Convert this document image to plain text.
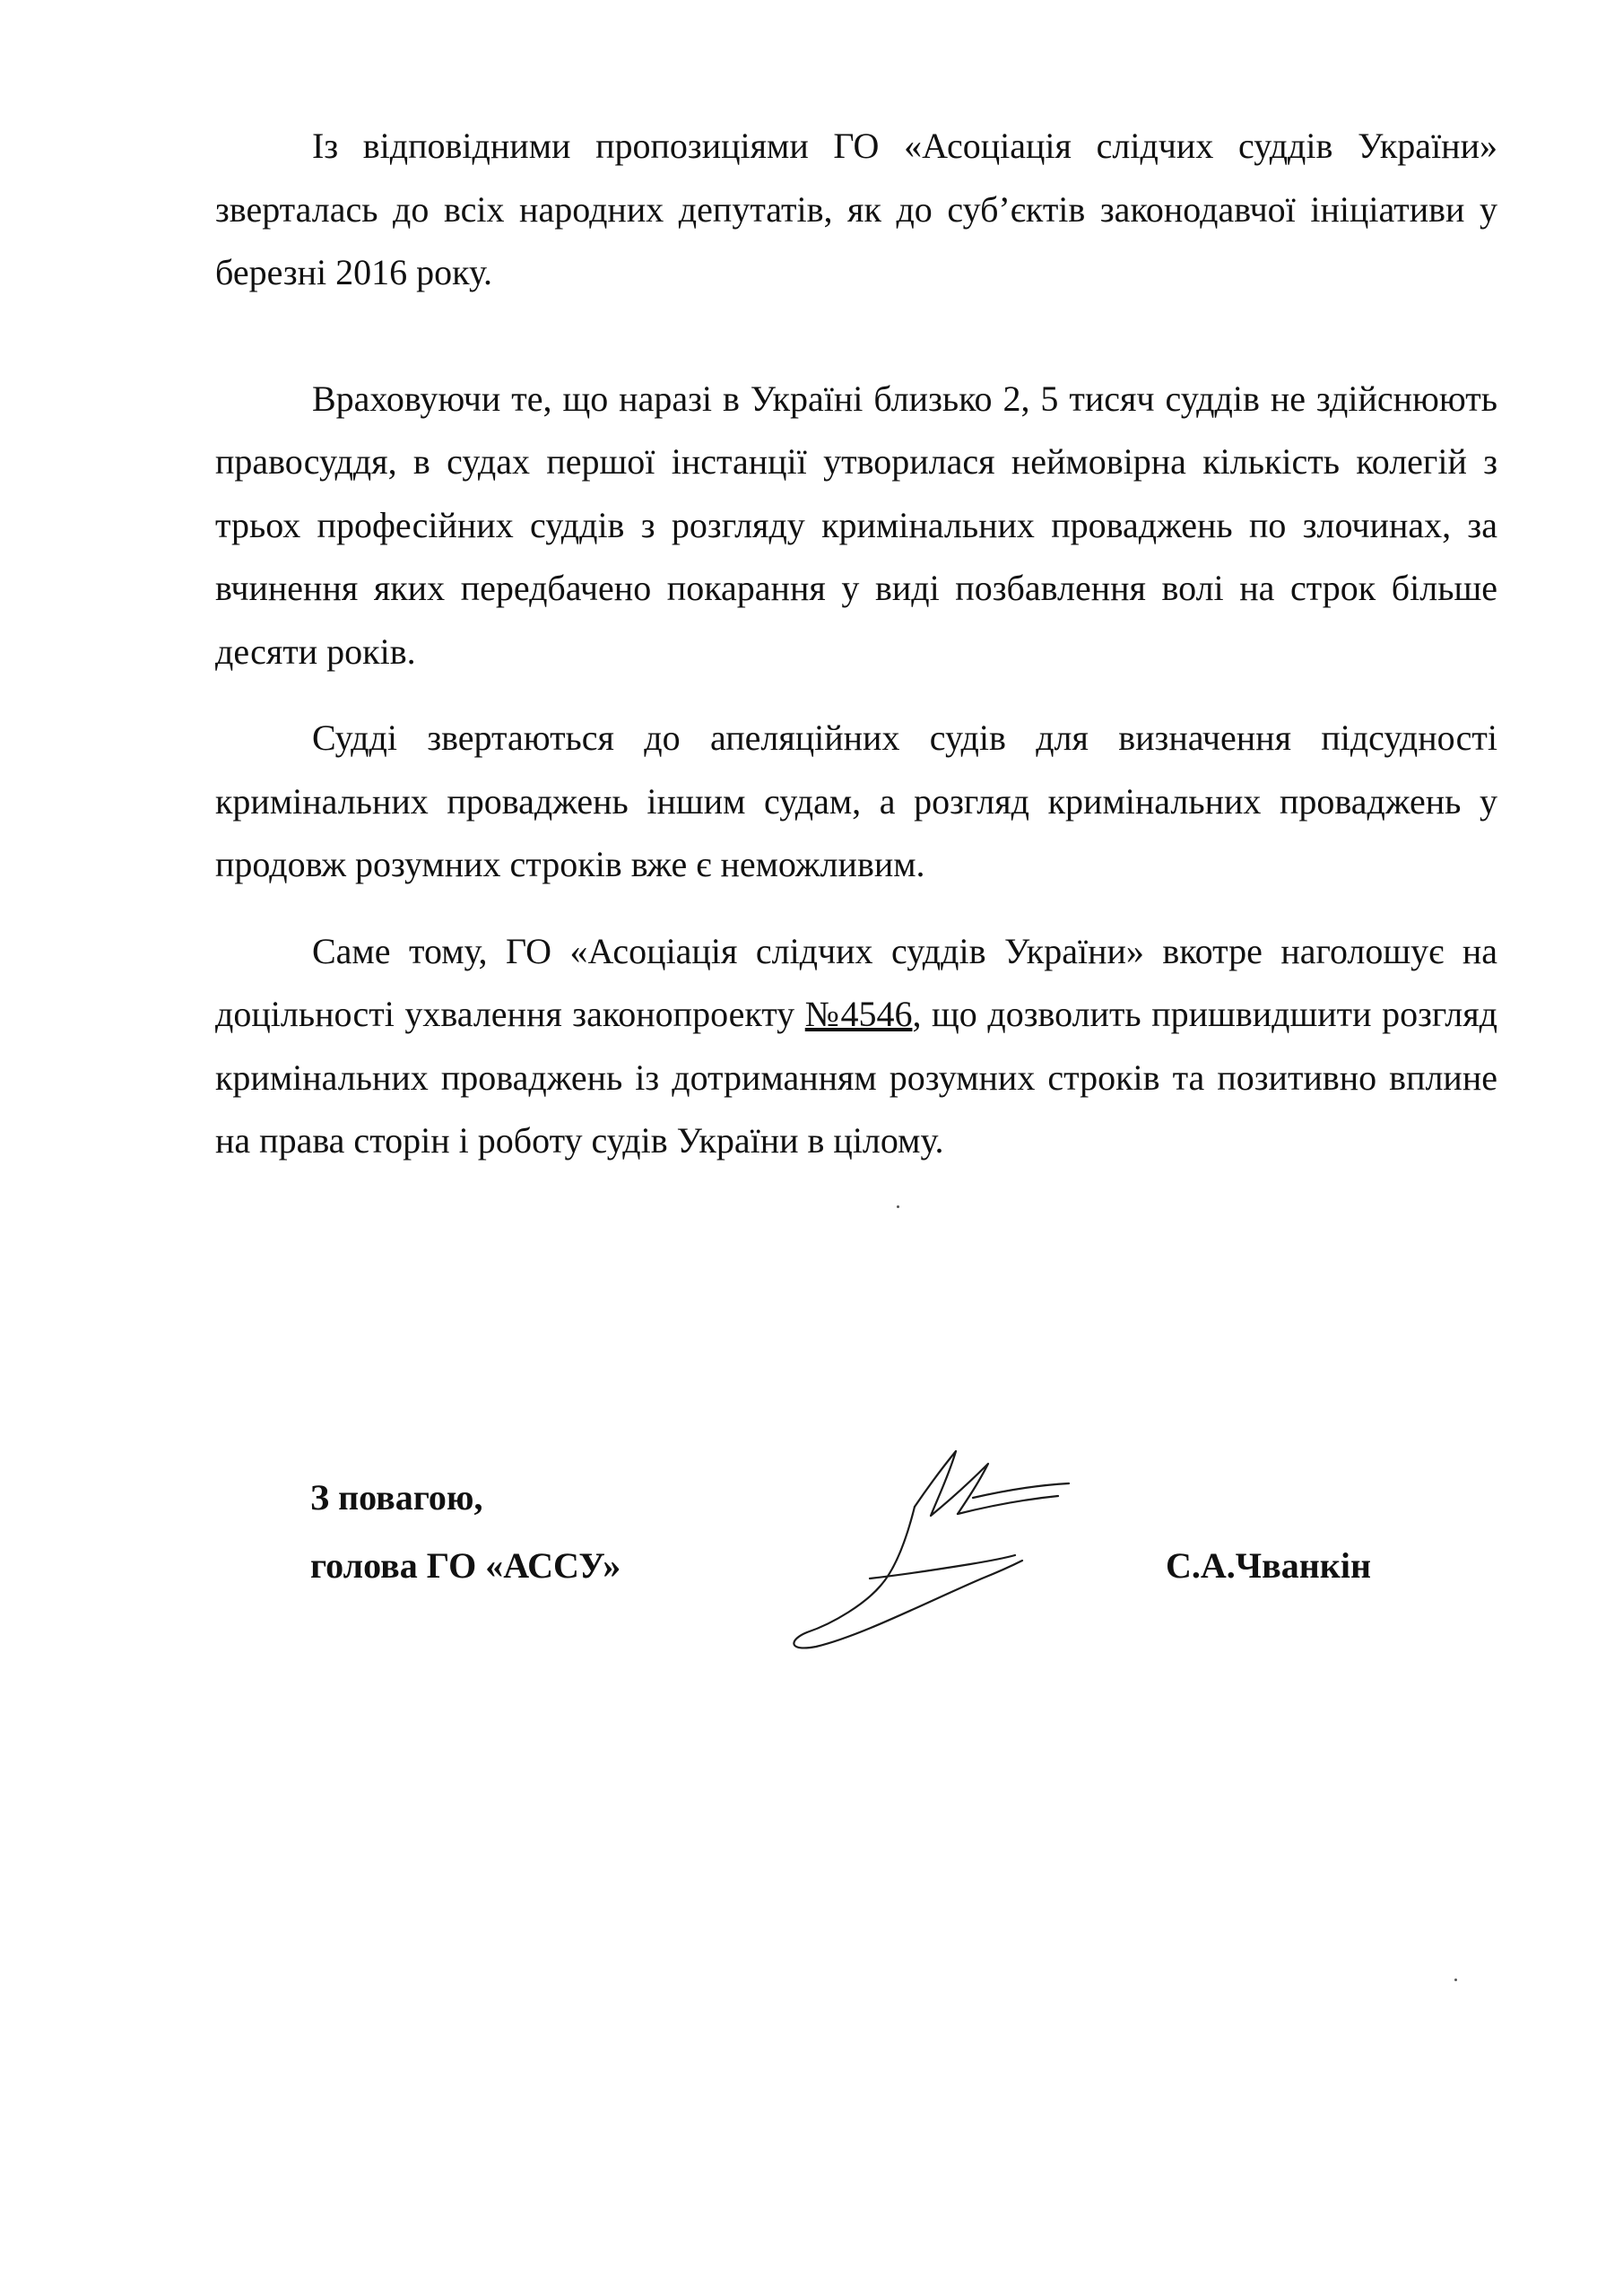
Із відповідними пропозиціями ГО «Асоціація слідчих суддів України» зверталась до всіх народних депутатів, як до суб’єктів законодавчої ініціативи у березні 2016 року.

Враховуючи те, що наразі в Україні близько 2, 5 тисяч суддів не здійснюють правосуддя, в судах першої інстанції утворилася неймовірна кількість колегій з трьох професійних суддів з розгляду кримінальних проваджень по злочинах, за вчинення яких передбачено покарання у виді позбавлення волі на строк більше десяти років.

Судді звертаються до апеляційних судів для визначення підсудності кримінальних проваджень іншим судам, а розгляд кримінальних проваджень у продовж розумних строків вже є неможливим.

Саме тому, ГО «Асоціація слідчих суддів України» вкотре наголошує на доцільності ухвалення законопроекту №4546, що дозволить пришвидшити розгляд кримінальних проваджень із дотриманням розумних строків та позитивно вплине на права сторін і роботу судів України в цілому.

З повагою,
голова ГО «АССУ»	С.А.Чванкін
